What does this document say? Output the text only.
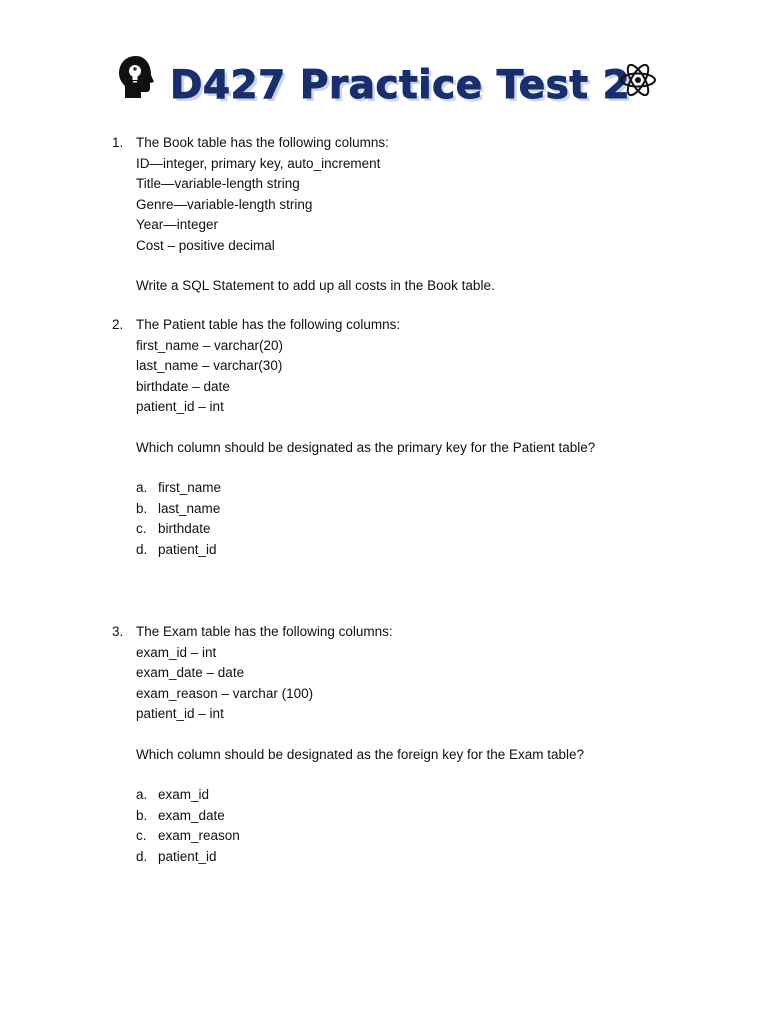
D427 Practice Test 2
1. The Book table has the following columns:
ID—integer, primary key, auto_increment
Title—variable-length string
Genre—variable-length string
Year—integer
Cost – positive decimal
Write a SQL Statement to add up all costs in the Book table.
2. The Patient table has the following columns:
first_name – varchar(20)
last_name – varchar(30)
birthdate – date
patient_id – int
Which column should be designated as the primary key for the Patient table?
a. first_name
b. last_name
c. birthdate
d. patient_id
3. The Exam table has the following columns:
exam_id – int
exam_date – date
exam_reason – varchar (100)
patient_id – int
Which column should be designated as the foreign key for the Exam table?
a. exam_id
b. exam_date
c. exam_reason
d. patient_id
